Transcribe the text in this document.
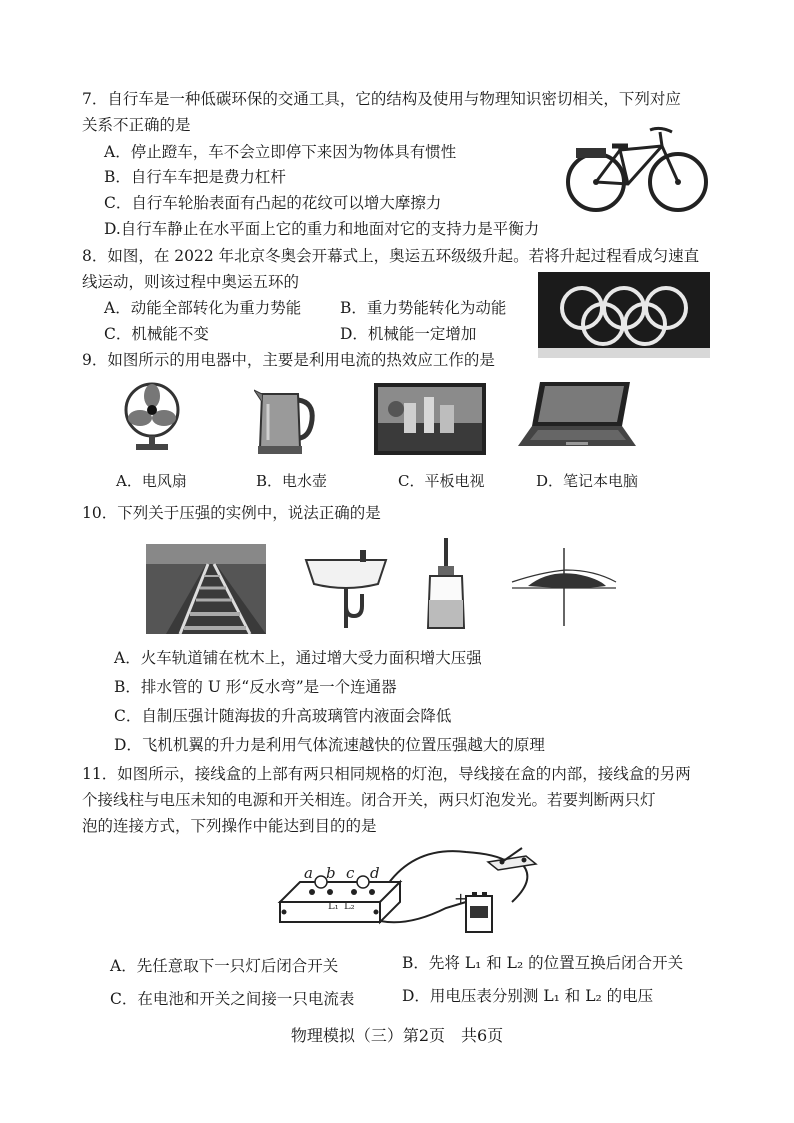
7．自行车是一种低碳环保的交通工具，它的结构及使用与物理知识密切相关，下列对应
关系不正确的是
A．停止蹬车，车不会立即停下来因为物体具有惯性
B．自行车车把是费力杠杆
C．自行车轮胎表面有凸起的花纹可以增大摩擦力
D.自行车静止在水平面上它的重力和地面对它的支持力是平衡力
8．如图，在 2022 年北京冬奥会开幕式上，奥运五环级级升起。若将升起过程看成匀速直
线运动，则该过程中奥运五环的
A．动能全部转化为重力势能	B．重力势能转化为动能
C．机械能不变	D．机械能一定增加
9．如图所示的用电器中，主要是利用电流的热效应工作的是
A．电风扇	B．电水壶	C．平板电视	D．笔记本电脑
10．下列关于压强的实例中，说法正确的是
A．火车轨道铺在枕木上，通过增大受力面积增大压强
B．排水管的 U 形“反水弯”是一个连通器
C．自制压强计随海拔的升高玻璃管内液面会降低
D．飞机机翼的升力是利用气体流速越快的位置压强越大的原理
11．如图所示，接线盒的上部有两只相同规格的灯泡，导线接在盒的内部，接线盒的另两
个接线柱与电压未知的电源和开关相连。闭合开关，两只灯泡发光。若要判断两只灯
泡的连接方式，下列操作中能达到目的的是
+
a b c d
L₁ L₂
A．先任意取下一只灯后闭合开关	B．先将 L₁ 和 L₂ 的位置互换后闭合开关
C．在电池和开关之间接一只电流表	D．用电压表分别测 L₁ 和 L₂ 的电压
物理模拟（三）第2页　共6页
